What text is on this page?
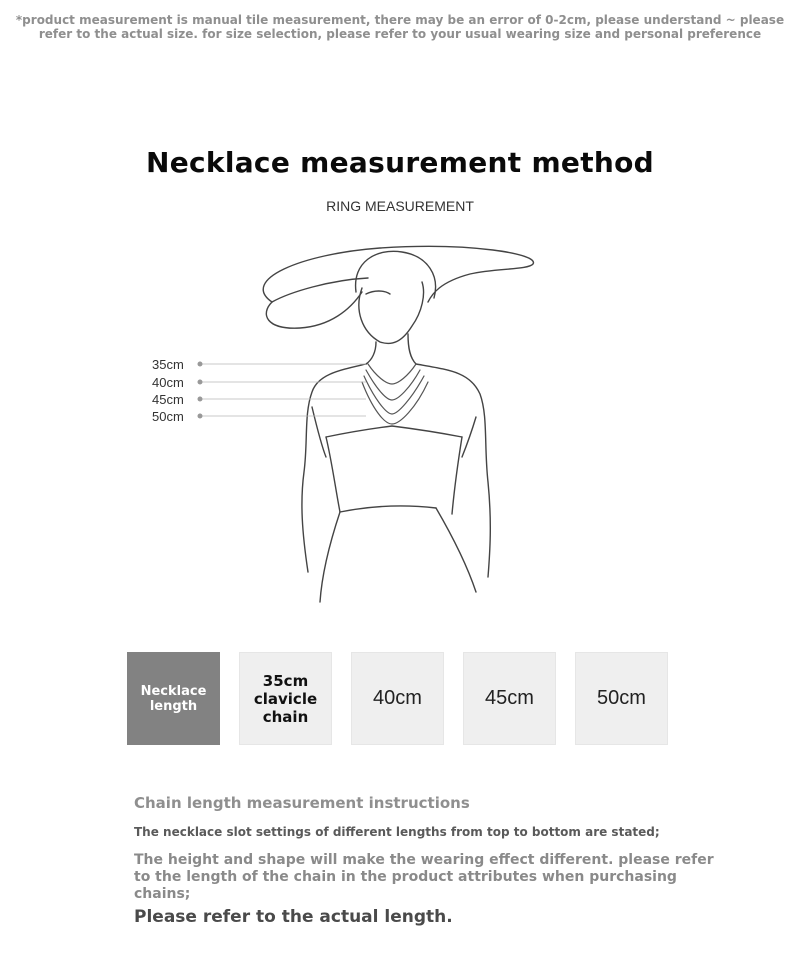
*product measurement is manual tile measurement, there may be an error of 0-2cm, please understand ~ please refer to the actual size. for size selection, please refer to your usual wearing size and personal preference
Necklace measurement method
RING MEASUREMENT
35cm
40cm
45cm
50cm
Necklace length
35cm clavicle chain
40cm	45cm	50cm
Chain length measurement instructions
The necklace slot settings of different lengths from top to bottom are stated;
The height and shape will make the wearing effect different. please refer to the length of the chain in the product attributes when purchasing chains;
Please refer to the actual length.
